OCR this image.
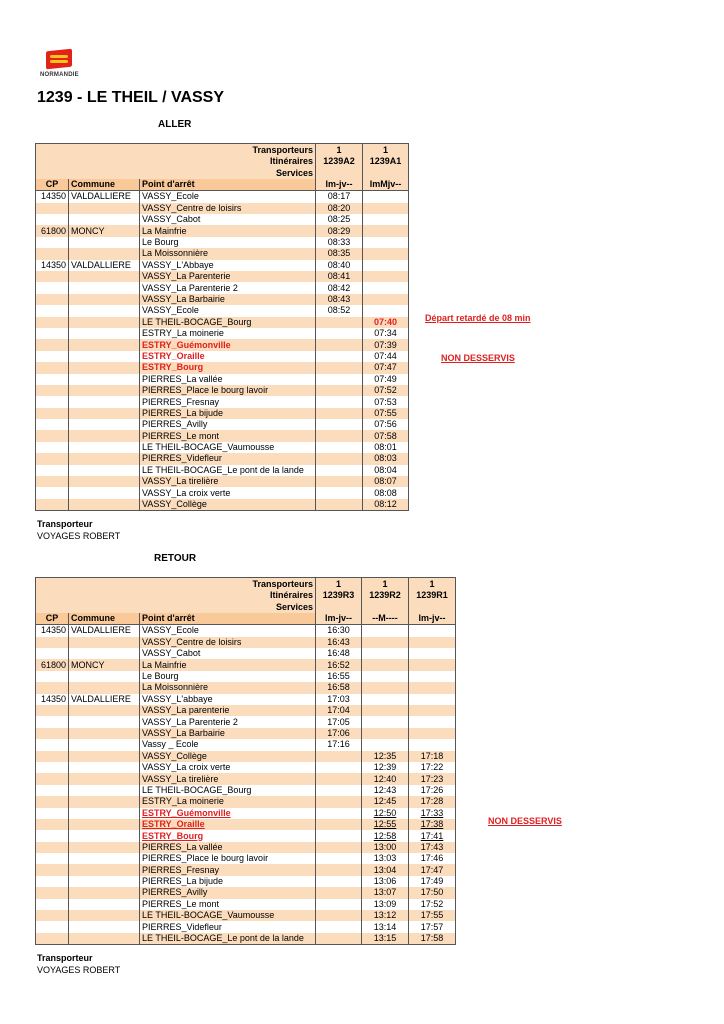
NORMANDIE
1239 - LE THEIL / VASSY
ALLER
Transporteurs
Itinéraires
Services

1
1239A2

1
1239A1

CP	Commune	Point d'arrêt	lm-jv--	lmMjv--
14350	VALDALLIERE	VASSY_Ecole	08:17	
		VASSY_Centre de loisirs	08:20	
		VASSY_Cabot	08:25	
61800	MONCY	La Mainfrie	08:29	
		Le Bourg	08:33	
		La Moissonnière	08:35	
14350	VALDALLIERE	VASSY_L'Abbaye	08:40	
		VASSY_La Parenterie	08:41	
		VASSY_La Parenterie 2	08:42	
		VASSY_La Barbairie	08:43	
		VASSY_Ecole	08:52	
		LE THEIL-BOCAGE_Bourg		07:40
		ESTRY_La moinerie		07:34
		ESTRY_Guémonville		07:39
		ESTRY_Oraille		07:44
		ESTRY_Bourg		07:47
		PIERRES_La vallée		07:49
		PIERRES_Place le bourg lavoir		07:52
		PIERRES_Fresnay		07:53
		PIERRES_La bijude		07:55
		PIERRES_Avilly		07:56
		PIERRES_Le mont		07:58
		LE THEIL-BOCAGE_Vaumousse		08:01
		PIERRES_Videfleur		08:03
		LE THEIL-BOCAGE_Le pont de la lande		08:04
		VASSY_La tirelière		08:07
		VASSY_La croix verte		08:08
		VASSY_Collège		08:12
Départ retardé de 08 min
NON DESSERVIS
Transporteur
VOYAGES ROBERT
RETOUR
Transporteurs
Itinéraires
Services

1
1239R3

1
1239R2

1
1239R1

CP	Commune	Point d'arrêt	lm-jv--	--M----	lm-jv--
14350	VALDALLIERE	VASSY_Ecole	16:30		
		VASSY_Centre de loisirs	16:43		
		VASSY_Cabot	16:48		
61800	MONCY	La Mainfrie	16:52		
		Le Bourg	16:55		
		La Moissonnière	16:58		
14350	VALDALLIERE	VASSY_L'abbaye	17:03		
		VASSY_La parenterie	17:04		
		VASSY_La Parenterie 2	17:05		
		VASSY_La Barbairie	17:06		
		Vassy _ Ecole	17:16		
		VASSY_Collège		12:35	17:18
		VASSY_La croix verte		12:39	17:22
		VASSY_La tirelière		12:40	17:23
		LE THEIL-BOCAGE_Bourg		12:43	17:26
		ESTRY_La moinerie		12:45	17:28
		ESTRY_Guémonville		12:50	17:33
		ESTRY_Oraille		12:55	17:38
		ESTRY_Bourg		12:58	17:41
		PIERRES_La vallée		13:00	17:43
		PIERRES_Place le bourg lavoir		13:03	17:46
		PIERRES_Fresnay		13:04	17:47
		PIERRES_La bijude		13:06	17:49
		PIERRES_Avilly		13:07	17:50
		PIERRES_Le mont		13:09	17:52
		LE THEIL-BOCAGE_Vaumousse		13:12	17:55
		PIERRES_Videfleur		13:14	17:57
		LE THEIL-BOCAGE_Le pont de la lande		13:15	17:58
NON DESSERVIS
Transporteur
VOYAGES ROBERT
